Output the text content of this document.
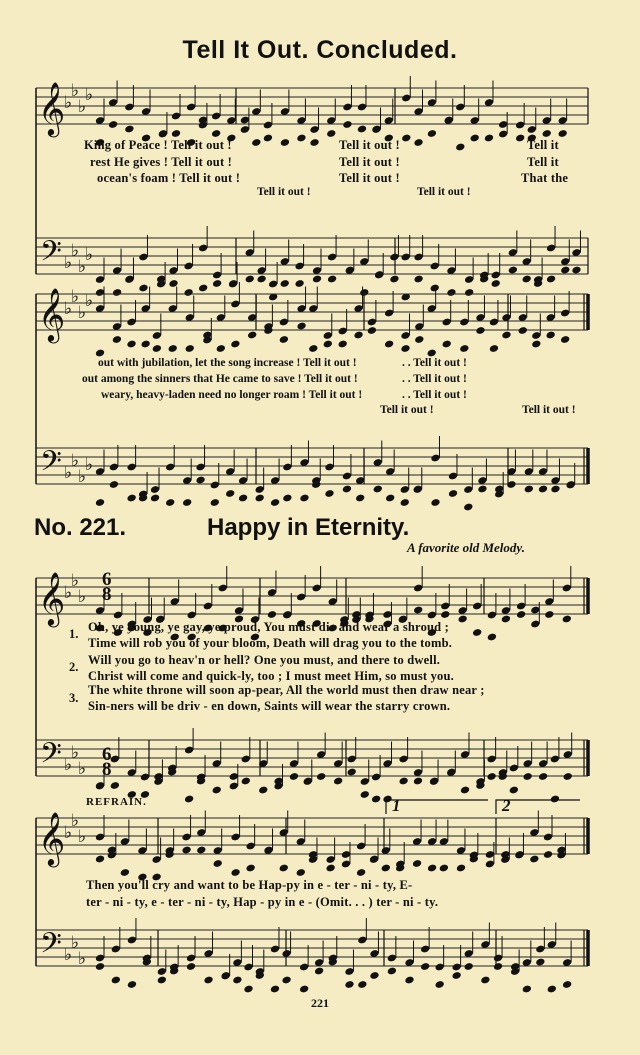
𝄞
𝄢
♭
♭
♭
♭
♭
♭
♭
♭
𝄞
𝄢
♭
♭
♭
♭
♭
♭
♭
♭
𝄞
𝄢
♭
♭
♭
♭
♭
♭
𝄞
𝄢
♭
♭
♭
♭
♭
♭
Tell It Out. Concluded.
King of Peace ! Tell it out !	Tell it out !	Tell it
rest He gives ! Tell it out !	Tell it out !	Tell it
ocean's foam ! Tell it out !	Tell it out !	That the
Tell it out !	Tell it out !
out with jubilation, let the song increase ! Tell it out !	. . Tell it out !
out among the sinners that He came to save ! Tell it out !	. . Tell it out !
weary, heavy-laden need no longer roam ! Tell it out !	. . Tell it out !
Tell it out !	Tell it out !
No. 221.	Happy in Eternity.
A favorite old Melody.
1.
2.
3.
Oh, ye young, ye gay, ye proud, You must die and wear a shroud ;
Time will rob you of your bloom, Death will drag you to the tomb.
Will you go to heav'n or hell? One you must, and there to dwell.
Christ will come and quick-ly, too ; I must meet Him, so must you.
The white throne will soon ap-pear, All the world must then draw near ;
Sin-ners will be driv - en down, Saints will wear the starry crown.
REFRAIN.
Then you'll cry and want to be Hap-py in e - ter - ni - ty, E-
ter - ni - ty, e - ter - ni - ty, Hap - py in e - (Omit. . . ) ter - ni - ty.
1	2
6
8
6
8
221
